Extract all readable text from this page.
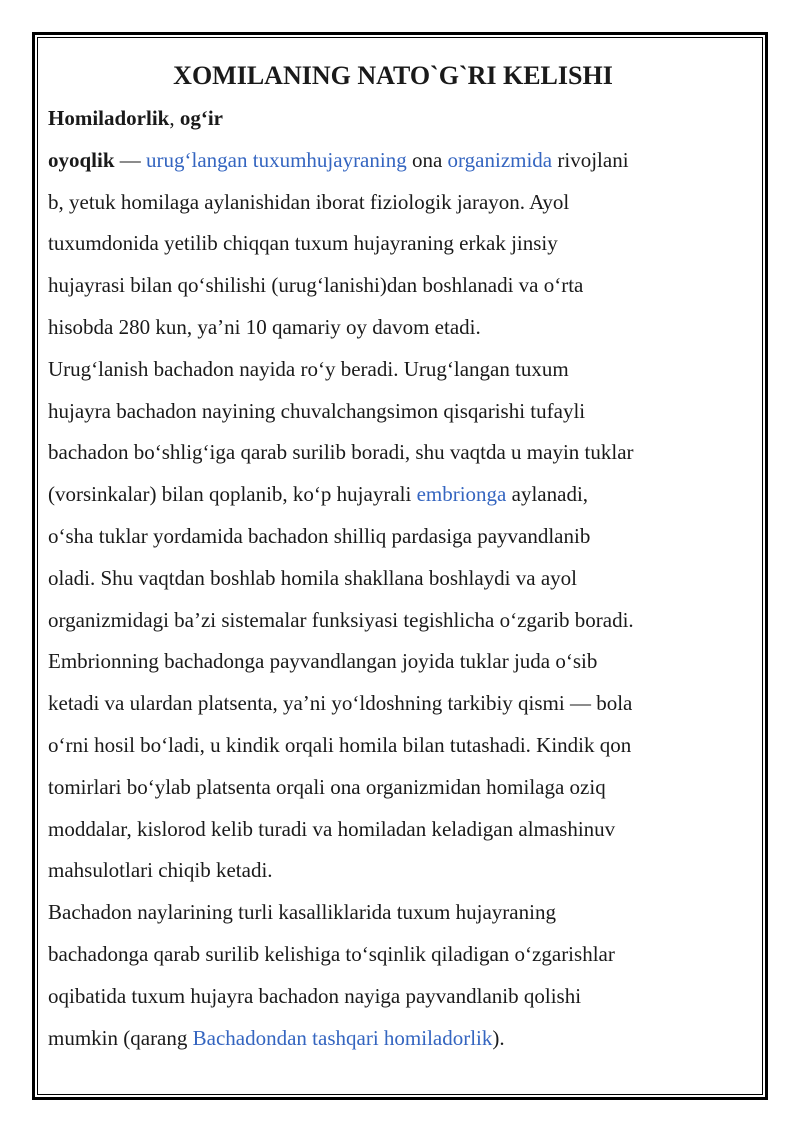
XOMILANING NATO`G`RI KELISHI

Homiladorlik, og‘ir

oyoqlik — urug‘langan tuxumhujayraning ona organizmida rivojlani

b, yetuk homilaga aylanishidan iborat fiziologik jarayon. Ayol

tuxumdonida yetilib chiqqan tuxum hujayraning erkak jinsiy

hujayrasi bilan qo‘shilishi (urug‘lanishi)dan boshlanadi va o‘rta

hisobda 280 kun, ya’ni 10 qamariy oy davom etadi.

Urug‘lanish bachadon nayida ro‘y beradi. Urug‘langan tuxum

hujayra bachadon nayining chuvalchangsimon qisqarishi tufayli

bachadon bo‘shlig‘iga qarab surilib boradi, shu vaqtda u mayin tuklar

(vorsinkalar) bilan qoplanib, ko‘p hujayrali embrionga aylanadi,

o‘sha tuklar yordamida bachadon shilliq pardasiga payvandlanib

oladi. Shu vaqtdan boshlab homila shakllana boshlaydi va ayol

organizmidagi ba’zi sistemalar funksiyasi tegishlicha o‘zgarib boradi.

Embrionning bachadonga payvandlangan joyida tuklar juda o‘sib

ketadi va ulardan platsenta, ya’ni yo‘ldoshning tarkibiy qismi — bola

o‘rni hosil bo‘ladi, u kindik orqali homila bilan tutashadi. Kindik qon

tomirlari bo‘ylab platsenta orqali ona organizmidan homilaga oziq

moddalar, kislorod kelib turadi va homiladan keladigan almashinuv

mahsulotlari chiqib ketadi.

Bachadon naylarining turli kasalliklarida tuxum hujayraning

bachadonga qarab surilib kelishiga to‘sqinlik qiladigan o‘zgarishlar

oqibatida tuxum hujayra bachadon nayiga payvandlanib qolishi

mumkin (qarang Bachadondan tashqari homiladorlik).
